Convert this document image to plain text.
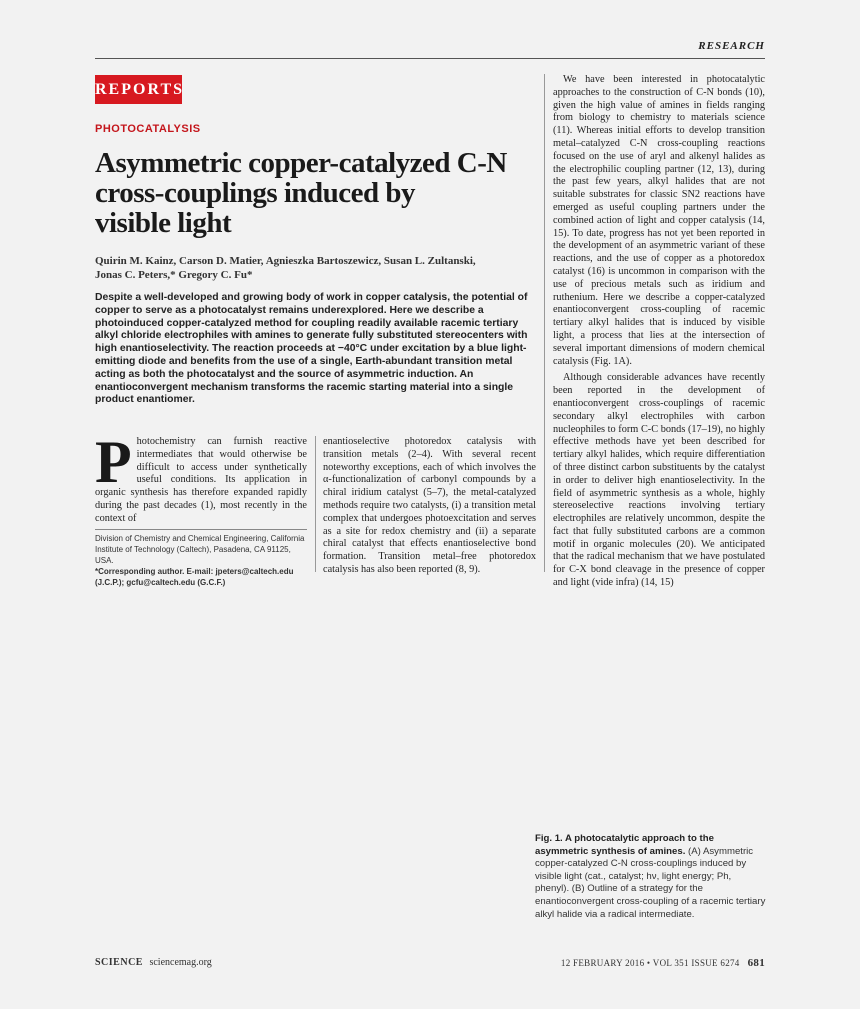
RESEARCH
REPORTS
PHOTOCATALYSIS
Asymmetric copper-catalyzed C-N
cross-couplings induced by
visible light
Quirin M. Kainz, Carson D. Matier, Agnieszka Bartoszewicz, Susan L. Zultanski,
Jonas C. Peters,* Gregory C. Fu*
Despite a well-developed and growing body of work in copper catalysis, the potential of copper to serve as a photocatalyst remains underexplored. Here we describe a photoinduced copper-catalyzed method for coupling readily available racemic tertiary alkyl chloride electrophiles with amines to generate fully substituted stereocenters with high enantioselectivity. The reaction proceeds at −40°C under excitation by a blue light-emitting diode and benefits from the use of a single, Earth-abundant transition metal acting as both the photocatalyst and the source of asymmetric induction. An enantioconvergent mechanism transforms the racemic starting material into a single product enantiomer.
P hotochemistry can furnish reactive intermediates that would otherwise be difficult to access under synthetically useful conditions. Its application in organic synthesis has therefore expanded rapidly during the past decades (1), most recently in the context of

Division of Chemistry and Chemical Engineering, California Institute of Technology (Caltech), Pasadena, CA 91125, USA.
*Corresponding author. E-mail: jpeters@caltech.edu (J.C.P.); gcfu@caltech.edu (G.C.F.)

enantioselective photoredox catalysis with transition metals (2–4). With several recent noteworthy exceptions, each of which involves the α-functionalization of carbonyl compounds by a chiral iridium catalyst (5–7), the metal-catalyzed methods require two catalysts, (i) a transition metal complex that undergoes photoexcitation and serves as a site for redox chemistry and (ii) a separate chiral catalyst that effects enantioselective bond formation. Transition metal–free photoredox catalysis has also been reported (8, 9).

We have been interested in photocatalytic approaches to the construction of C-N bonds (10), given the high value of amines in fields ranging from biology to chemistry to materials science (11). Whereas initial efforts to develop transition metal–catalyzed C-N cross-coupling reactions focused on the use of aryl and alkenyl halides as the electrophilic coupling partner (12, 13), during the past few years, alkyl halides that are not suitable substrates for classic SN2 reactions have emerged as useful coupling partners under the combined action of light and copper catalysis (14, 15). To date, progress has not yet been reported in the development of an asymmetric variant of these reactions, and the use of copper as a photoredox catalyst (16) is uncommon in comparison with the use of precious metals such as iridium and ruthenium. Here we describe a copper-catalyzed enantioconvergent cross-coupling of racemic tertiary alkyl halides that is induced by visible light, a process that lies at the intersection of several important dimensions of modern chemical catalysis (Fig. 1A).

Although considerable advances have recently been reported in the development of enantioconvergent cross-couplings of racemic secondary alkyl electrophiles with carbon nucleophiles to form C-C bonds (17–19), no highly effective methods have yet been described for tertiary alkyl halides, which require differentiation of three distinct carbon substituents by the catalyst in order to deliver high enantioselectivity. In the field of asymmetric synthesis as a whole, highly stereoselective reactions involving tertiary electrophiles are relatively uncommon, despite the fact that fully substituted carbons are a common motif in organic molecules (20). We anticipated that the radical mechanism that we have postulated for C-X bond cleavage in the presence of copper and light (vide infra) (14, 15)

Fig. 1. A photocatalytic approach to the asymmetric synthesis of amines. (A) Asymmetric copper-catalyzed C-N cross-couplings induced by visible light (cat., catalyst; hν, light energy; Ph, phenyl). (B) Outline of a strategy for the enantioconvergent cross-coupling of a racemic tertiary alkyl halide via a radical intermediate.
SCIENCE sciencemag.org	12 FEBRUARY 2016 • VOL 351 ISSUE 6274 681
